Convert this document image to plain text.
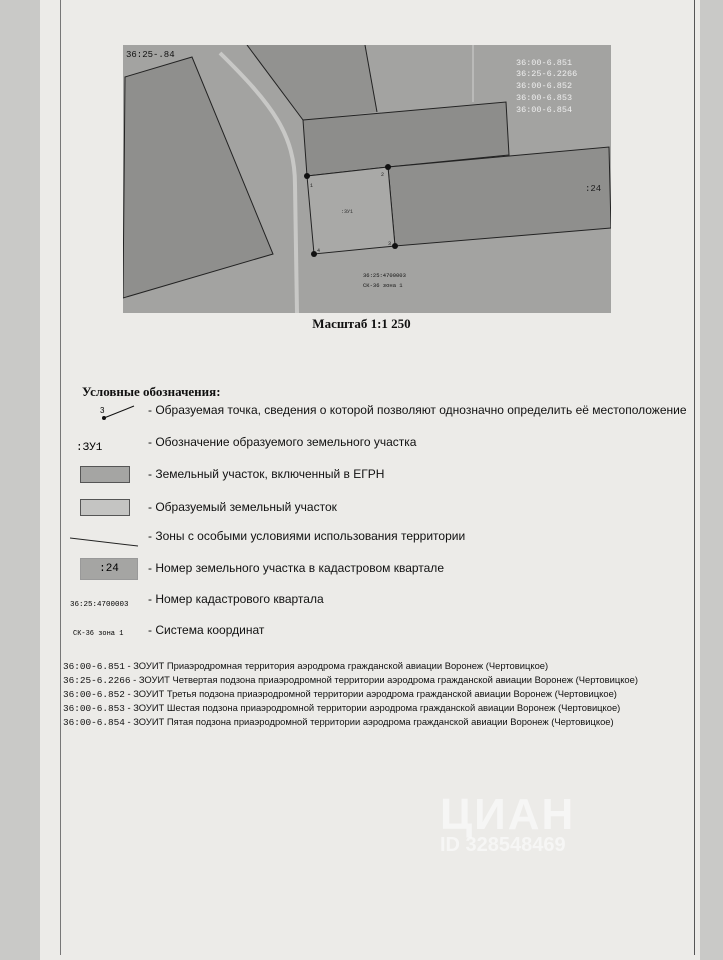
1
2
3
4
36:25-.84
36:00-6.851
36:25-6.2266
36:00-6.852
36:00-6.853
36:00-6.854
:24
:ЗУ1
36:25:4700003
СК-36 зона 1
Масштаб 1:1 250
Условные обозначения:
3	- Образуемая точка, сведения о которой позволяют однозначно определить её местоположение
:ЗУ1	- Обозначение образуемого земельного участка
- Земельный участок, включенный в ЕГРН
- Образуемый земельный участок
- Зоны с особыми условиями использования территории
:24	- Номер земельного участка в кадастровом квартале
36:25:4700003	- Номер кадастрового квартала
СК-36 зона 1	- Система координат
36:00-6.851 - ЗОУИТ Приаэродромная территория аэродрома гражданской авиации Воронеж (Чертовицкое)
36:25-6.2266 - ЗОУИТ Четвертая подзона приаэродромной территории аэродрома гражданской авиации Воронеж (Чертовицкое)
36:00-6.852 - ЗОУИТ Третья подзона приаэродромной территории аэродрома гражданской авиации Воронеж (Чертовицкое)
36:00-6.853 - ЗОУИТ Шестая подзона приаэродромной территории аэродрома гражданской авиации Воронеж (Чертовицкое)
36:00-6.854 - ЗОУИТ Пятая подзона приаэродромной территории аэродрома гражданской авиации Воронеж (Чертовицкое)
ЦИАН
ID 328548469
